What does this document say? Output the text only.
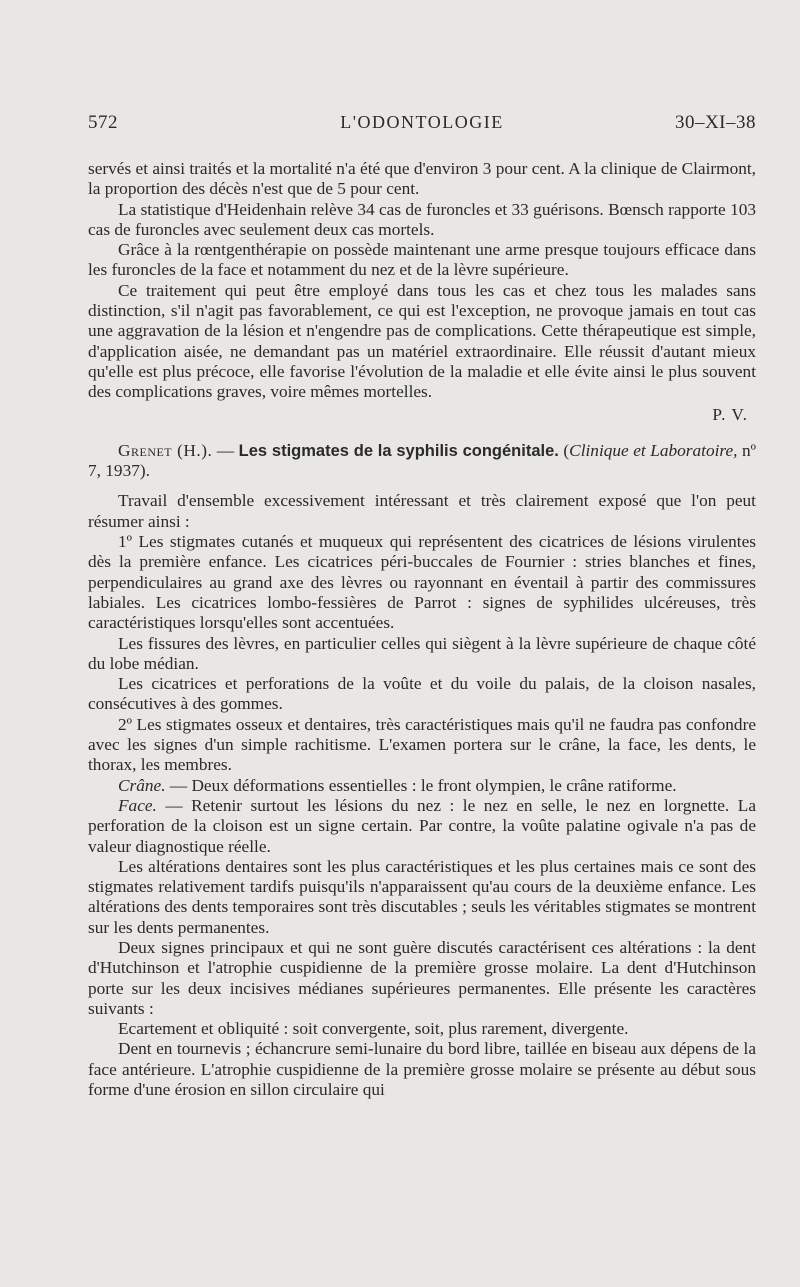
572	L'ODONTOLOGIE	30–XI–38

servés et ainsi traités et la mortalité n'a été que d'environ 3 pour cent. A la clinique de Clairmont, la proportion des décès n'est que de 5 pour cent.

La statistique d'Heidenhain relève 34 cas de furoncles et 33 guérisons. Bœnsch rapporte 103 cas de furoncles avec seulement deux cas mortels.

Grâce à la rœntgenthérapie on possède maintenant une arme presque toujours efficace dans les furoncles de la face et notamment du nez et de la lèvre supérieure.

Ce traitement qui peut être employé dans tous les cas et chez tous les malades sans distinction, s'il n'agit pas favorablement, ce qui est l'exception, ne provoque jamais en tout cas une aggravation de la lésion et n'engendre pas de complications. Cette thérapeutique est simple, d'application aisée, ne demandant pas un matériel extraordinaire. Elle réussit d'autant mieux qu'elle est plus précoce, elle favorise l'évolution de la maladie et elle évite ainsi le plus souvent des complications graves, voire mêmes mortelles.

P. V.

Grenet (H.). — Les stigmates de la syphilis congénitale. (Clinique et Laboratoire, nº 7, 1937).

Travail d'ensemble excessivement intéressant et très clairement exposé que l'on peut résumer ainsi :

1º Les stigmates cutanés et muqueux qui représentent des cicatrices de lésions virulentes dès la première enfance. Les cicatrices péri-buccales de Fournier : stries blanches et fines, perpendiculaires au grand axe des lèvres ou rayonnant en éventail à partir des commissures labiales. Les cicatrices lombo-fessières de Parrot : signes de syphilides ulcéreuses, très caractéristiques lorsqu'elles sont accentuées.

Les fissures des lèvres, en particulier celles qui siègent à la lèvre supérieure de chaque côté du lobe médian.

Les cicatrices et perforations de la voûte et du voile du palais, de la cloison nasales, consécutives à des gommes.

2º Les stigmates osseux et dentaires, très caractéristiques mais qu'il ne faudra pas confondre avec les signes d'un simple rachitisme. L'examen portera sur le crâne, la face, les dents, le thorax, les membres.

Crâne. — Deux déformations essentielles : le front olympien, le crâne ratiforme.

Face. — Retenir surtout les lésions du nez : le nez en selle, le nez en lorgnette. La perforation de la cloison est un signe certain. Par contre, la voûte palatine ogivale n'a pas de valeur diagnostique réelle.

Les altérations dentaires sont les plus caractéristiques et les plus certaines mais ce sont des stigmates relativement tardifs puisqu'ils n'apparaissent qu'au cours de la deuxième enfance. Les altérations des dents temporaires sont très discutables ; seuls les véritables stigmates se montrent sur les dents permanentes.

Deux signes principaux et qui ne sont guère discutés caractérisent ces altérations : la dent d'Hutchinson et l'atrophie cuspidienne de la première grosse molaire. La dent d'Hutchinson porte sur les deux incisives médianes supérieures permanentes. Elle présente les caractères suivants :

Ecartement et obliquité : soit convergente, soit, plus rarement, divergente.

Dent en tournevis ; échancrure semi-lunaire du bord libre, taillée en biseau aux dépens de la face antérieure. L'atrophie cuspidienne de la première grosse molaire se présente au début sous forme d'une érosion en sillon circulaire qui
